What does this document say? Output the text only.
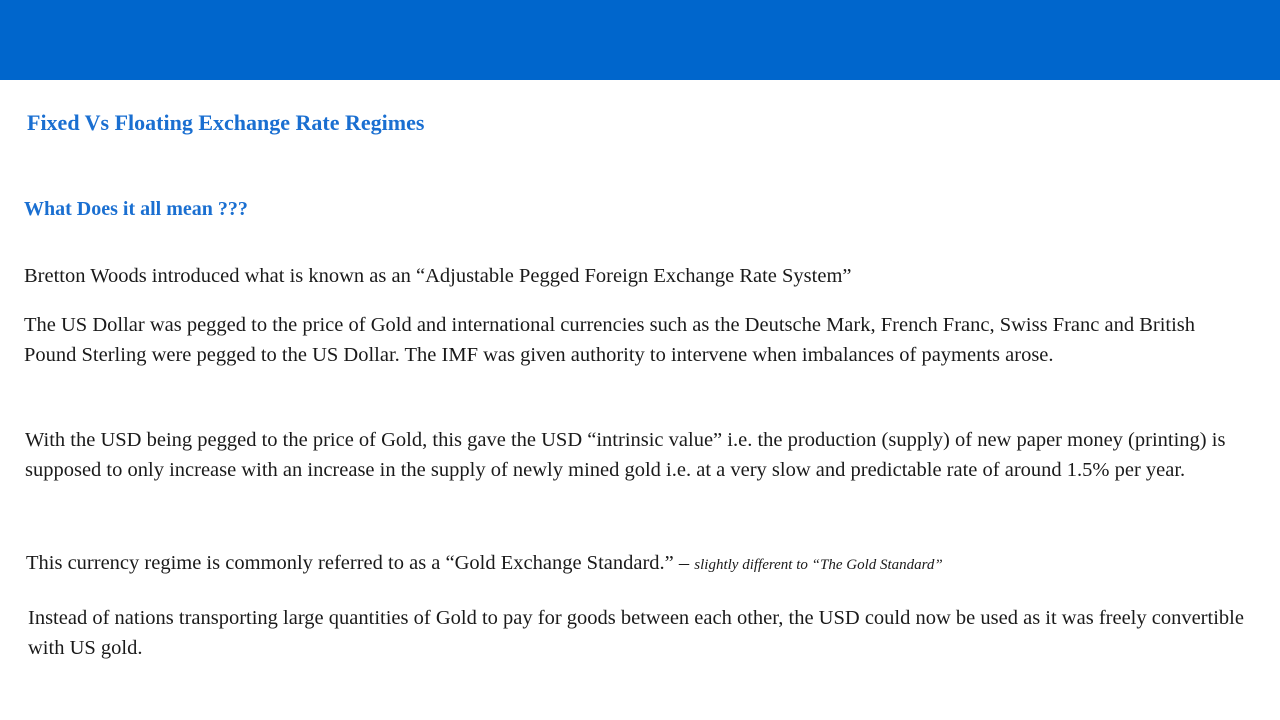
Fixed Vs Floating Exchange Rate Regimes
What Does it all mean ???

Bretton Woods introduced what is known as an “Adjustable Pegged Foreign Exchange Rate System”

The US Dollar was pegged to the price of Gold and international currencies such as the Deutsche Mark, French Franc, Swiss Franc and British Pound Sterling were pegged to the US Dollar. The IMF was given authority to intervene when imbalances of payments arose.

With the USD being pegged to the price of Gold, this gave the USD “intrinsic value” i.e. the production (supply) of new paper money (printing) is supposed to only increase with an increase in the supply of newly mined gold i.e. at a very slow and predictable rate of around 1.5% per year.

This currency regime is commonly referred to as a “Gold Exchange Standard.” – slightly different to “The Gold Standard”

Instead of nations transporting large quantities of Gold to pay for goods between each other, the USD could now be used as it was freely convertible with US gold.
